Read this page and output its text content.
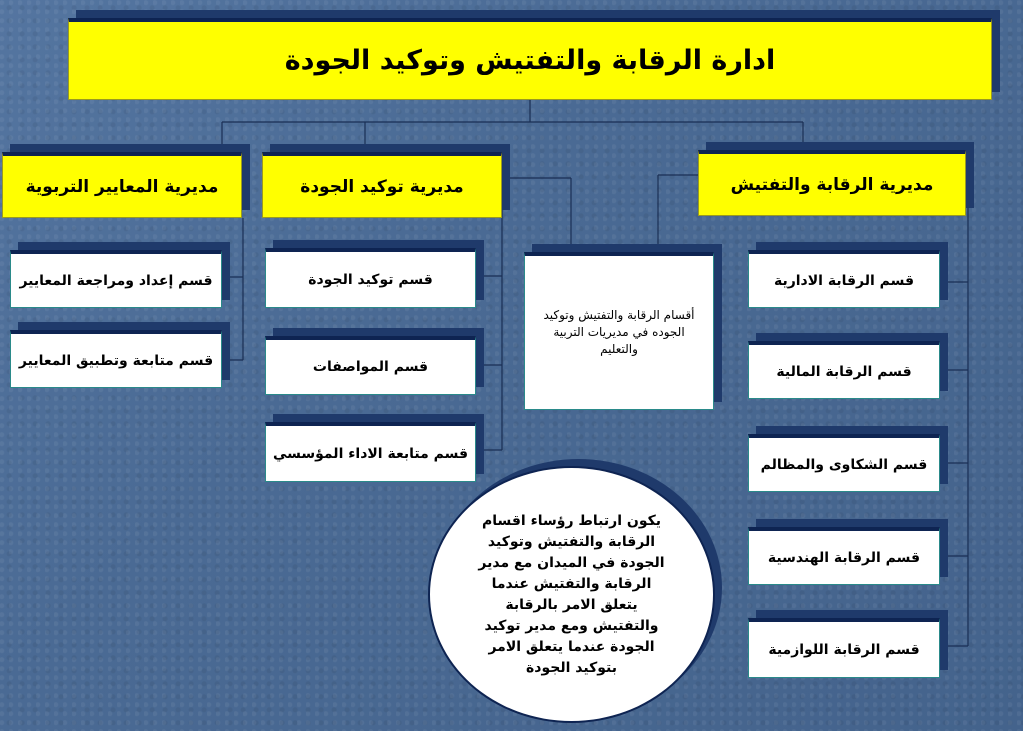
ادارة الرقابة والتفتيش وتوكيد الجودة
مديرية الرقابة والتفتيش
مديرية توكيد الجودة
مديرية المعايير التربوية
قسم الرقابة الادارية
قسم الرقابة المالية
قسم الشكاوى والمظالم
قسم الرقابة الهندسية
قسم الرقابة اللوازمية
أقسام الرقابة والتفتيش وتوكيد الجوده في مديريات التربية والتعليم
قسم توكيد الجودة
قسم المواصفات
قسم متابعة الاداء المؤسسي
قسم إعداد ومراجعة المعايير
قسم متابعة وتطبيق المعايير
يكون ارتباط رؤساء اقسام الرقابة والتفتيش وتوكيد الجودة في الميدان مع مدير الرقابة والتفتيش عندما يتعلق الامر بالرقابة والتفتيش ومع مدير توكيد الجودة عندما يتعلق الامر بتوكيد الجودة
